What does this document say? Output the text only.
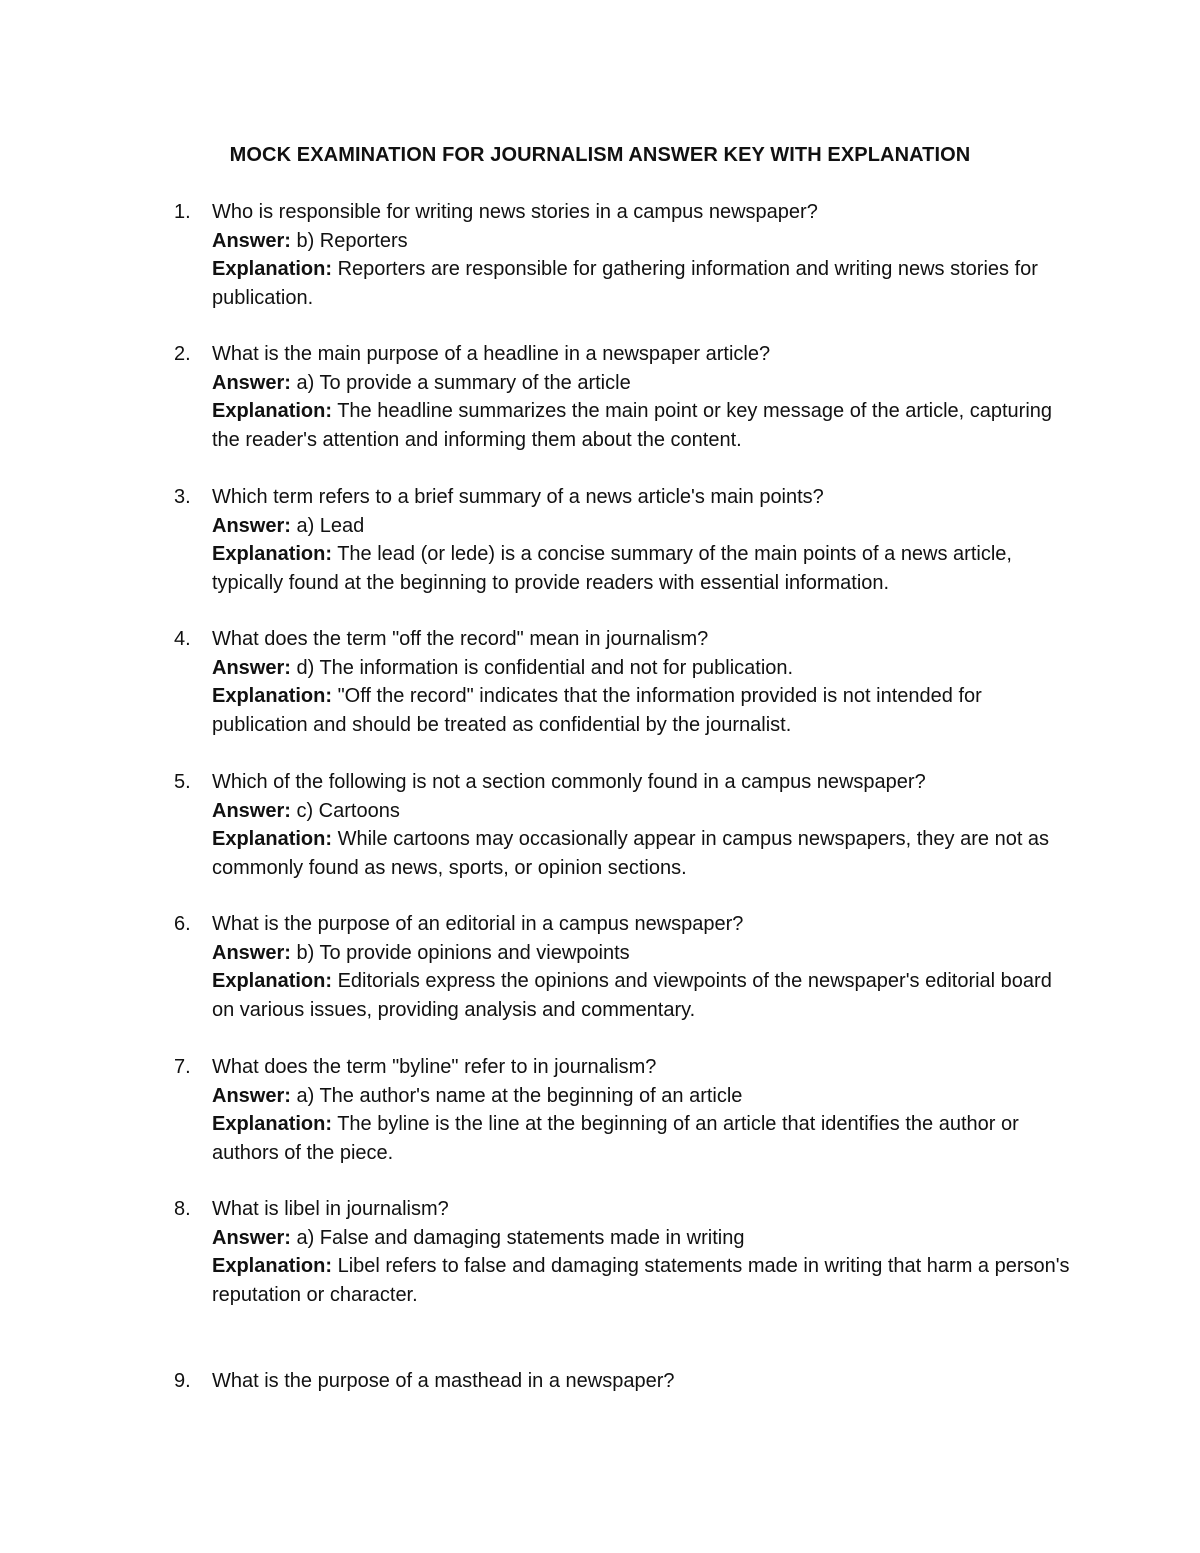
MOCK EXAMINATION FOR JOURNALISM ANSWER KEY WITH EXPLANATION
1. Who is responsible for writing news stories in a campus newspaper?

Answer: b) Reporters

Explanation: Reporters are responsible for gathering information and writing news stories for publication.

2. What is the main purpose of a headline in a newspaper article?

Answer: a) To provide a summary of the article

Explanation: The headline summarizes the main point or key message of the article, capturing the reader's attention and informing them about the content.

3. Which term refers to a brief summary of a news article's main points?

Answer: a) Lead

Explanation: The lead (or lede) is a concise summary of the main points of a news article, typically found at the beginning to provide readers with essential information.

4. What does the term "off the record" mean in journalism?

Answer: d) The information is confidential and not for publication.

Explanation: "Off the record" indicates that the information provided is not intended for publication and should be treated as confidential by the journalist.

5. Which of the following is not a section commonly found in a campus newspaper?

Answer: c) Cartoons

Explanation: While cartoons may occasionally appear in campus newspapers, they are not as commonly found as news, sports, or opinion sections.

6. What is the purpose of an editorial in a campus newspaper?

Answer: b) To provide opinions and viewpoints

Explanation: Editorials express the opinions and viewpoints of the newspaper's editorial board on various issues, providing analysis and commentary.

7. What does the term "byline" refer to in journalism?

Answer: a) The author's name at the beginning of an article

Explanation: The byline is the line at the beginning of an article that identifies the author or authors of the piece.

8. What is libel in journalism?

Answer: a) False and damaging statements made in writing

Explanation: Libel refers to false and damaging statements made in writing that harm a person's reputation or character.

9. What is the purpose of a masthead in a newspaper?
